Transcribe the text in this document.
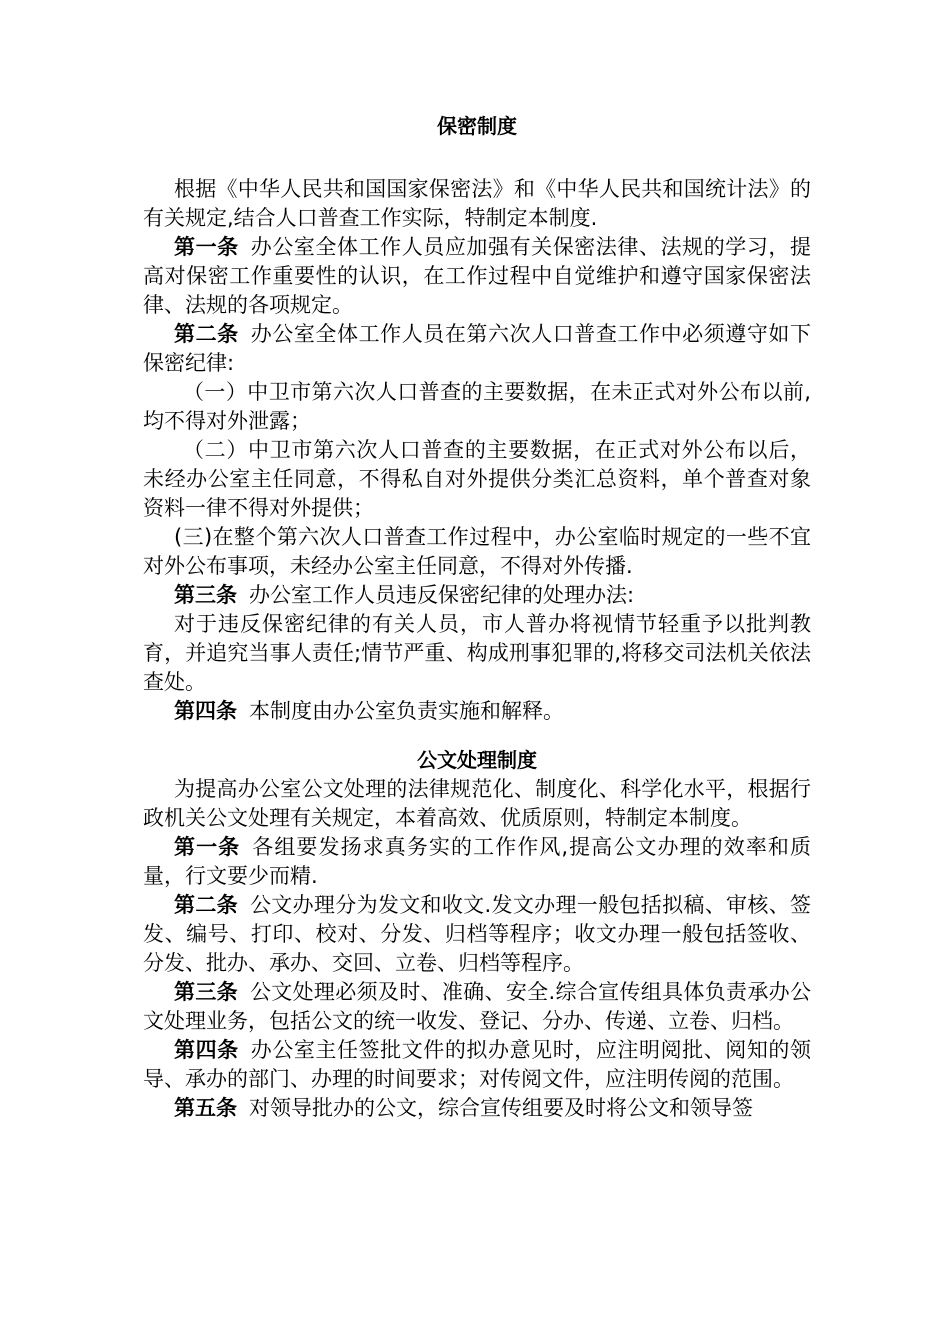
保密制度

根据《中华人民共和国国家保密法》和《中华人民共和国统计法》的有关规定,结合人口普查工作实际，特制定本制度.

第一条 办公室全体工作人员应加强有关保密法律、法规的学习，提高对保密工作重要性的认识，在工作过程中自觉维护和遵守国家保密法律、法规的各项规定。

第二条 办公室全体工作人员在第六次人口普查工作中必须遵守如下保密纪律:

（一）中卫市第六次人口普查的主要数据，在未正式对外公布以前,均不得对外泄露；

（二）中卫市第六次人口普查的主要数据，在正式对外公布以后，未经办公室主任同意，不得私自对外提供分类汇总资料，单个普查对象资料一律不得对外提供；

(三)在整个第六次人口普查工作过程中，办公室临时规定的一些不宜对外公布事项，未经办公室主任同意，不得对外传播.

第三条 办公室工作人员违反保密纪律的处理办法:

对于违反保密纪律的有关人员，市人普办将视情节轻重予以批判教育，并追究当事人责任;情节严重、构成刑事犯罪的,将移交司法机关依法查处。

第四条 本制度由办公室负责实施和解释。

公文处理制度

为提高办公室公文处理的法律规范化、制度化、科学化水平，根据行政机关公文处理有关规定，本着高效、优质原则，特制定本制度。

第一条 各组要发扬求真务实的工作作风,提高公文办理的效率和质量，行文要少而精.

第二条 公文办理分为发文和收文.发文办理一般包括拟稿、审核、签发、编号、打印、校对、分发、归档等程序；收文办理一般包括签收、分发、批办、承办、交回、立卷、归档等程序。

第三条 公文处理必须及时、准确、安全.综合宣传组具体负责承办公文处理业务，包括公文的统一收发、登记、分办、传递、立卷、归档。

第四条 办公室主任签批文件的拟办意见时，应注明阅批、阅知的领导、承办的部门、办理的时间要求；对传阅文件，应注明传阅的范围。

第五条 对领导批办的公文，综合宣传组要及时将公文和领导签
